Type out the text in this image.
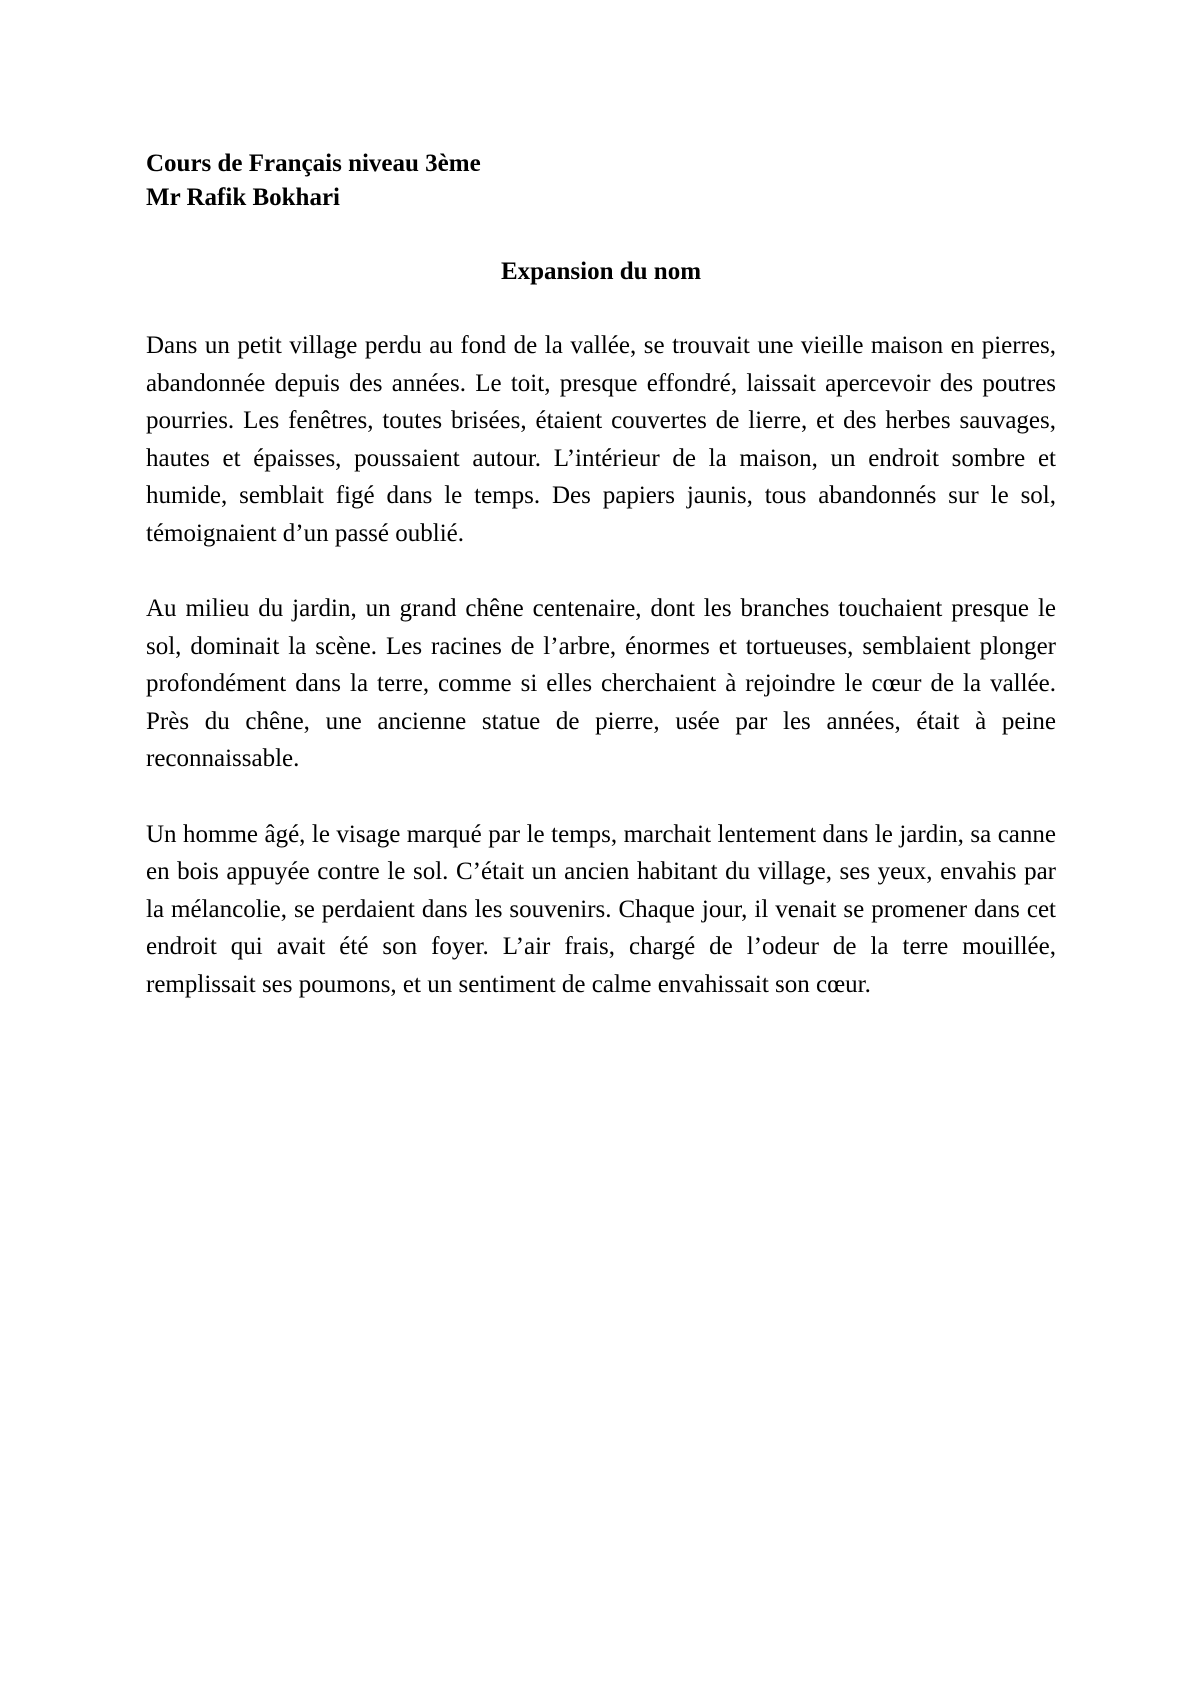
Cours de Français niveau 3ème

Mr Rafik Bokhari

Expansion du nom

Dans un petit village perdu au fond de la vallée, se trouvait une vieille maison en pierres, abandonnée depuis des années. Le toit, presque effondré, laissait apercevoir des poutres pourries. Les fenêtres, toutes brisées, étaient couvertes de lierre, et des herbes sauvages, hautes et épaisses, poussaient autour. L’intérieur de la maison, un endroit sombre et humide, semblait figé dans le temps. Des papiers jaunis, tous abandonnés sur le sol, témoignaient d’un passé oublié.

Au milieu du jardin, un grand chêne centenaire, dont les branches touchaient presque le sol, dominait la scène. Les racines de l’arbre, énormes et tortueuses, semblaient plonger profondément dans la terre, comme si elles cherchaient à rejoindre le cœur de la vallée. Près du chêne, une ancienne statue de pierre, usée par les années, était à peine reconnaissable.

Un homme âgé, le visage marqué par le temps, marchait lentement dans le jardin, sa canne en bois appuyée contre le sol. C’était un ancien habitant du village, ses yeux, envahis par la mélancolie, se perdaient dans les souvenirs. Chaque jour, il venait se promener dans cet endroit qui avait été son foyer. L’air frais, chargé de l’odeur de la terre mouillée, remplissait ses poumons, et un sentiment de calme envahissait son cœur.
